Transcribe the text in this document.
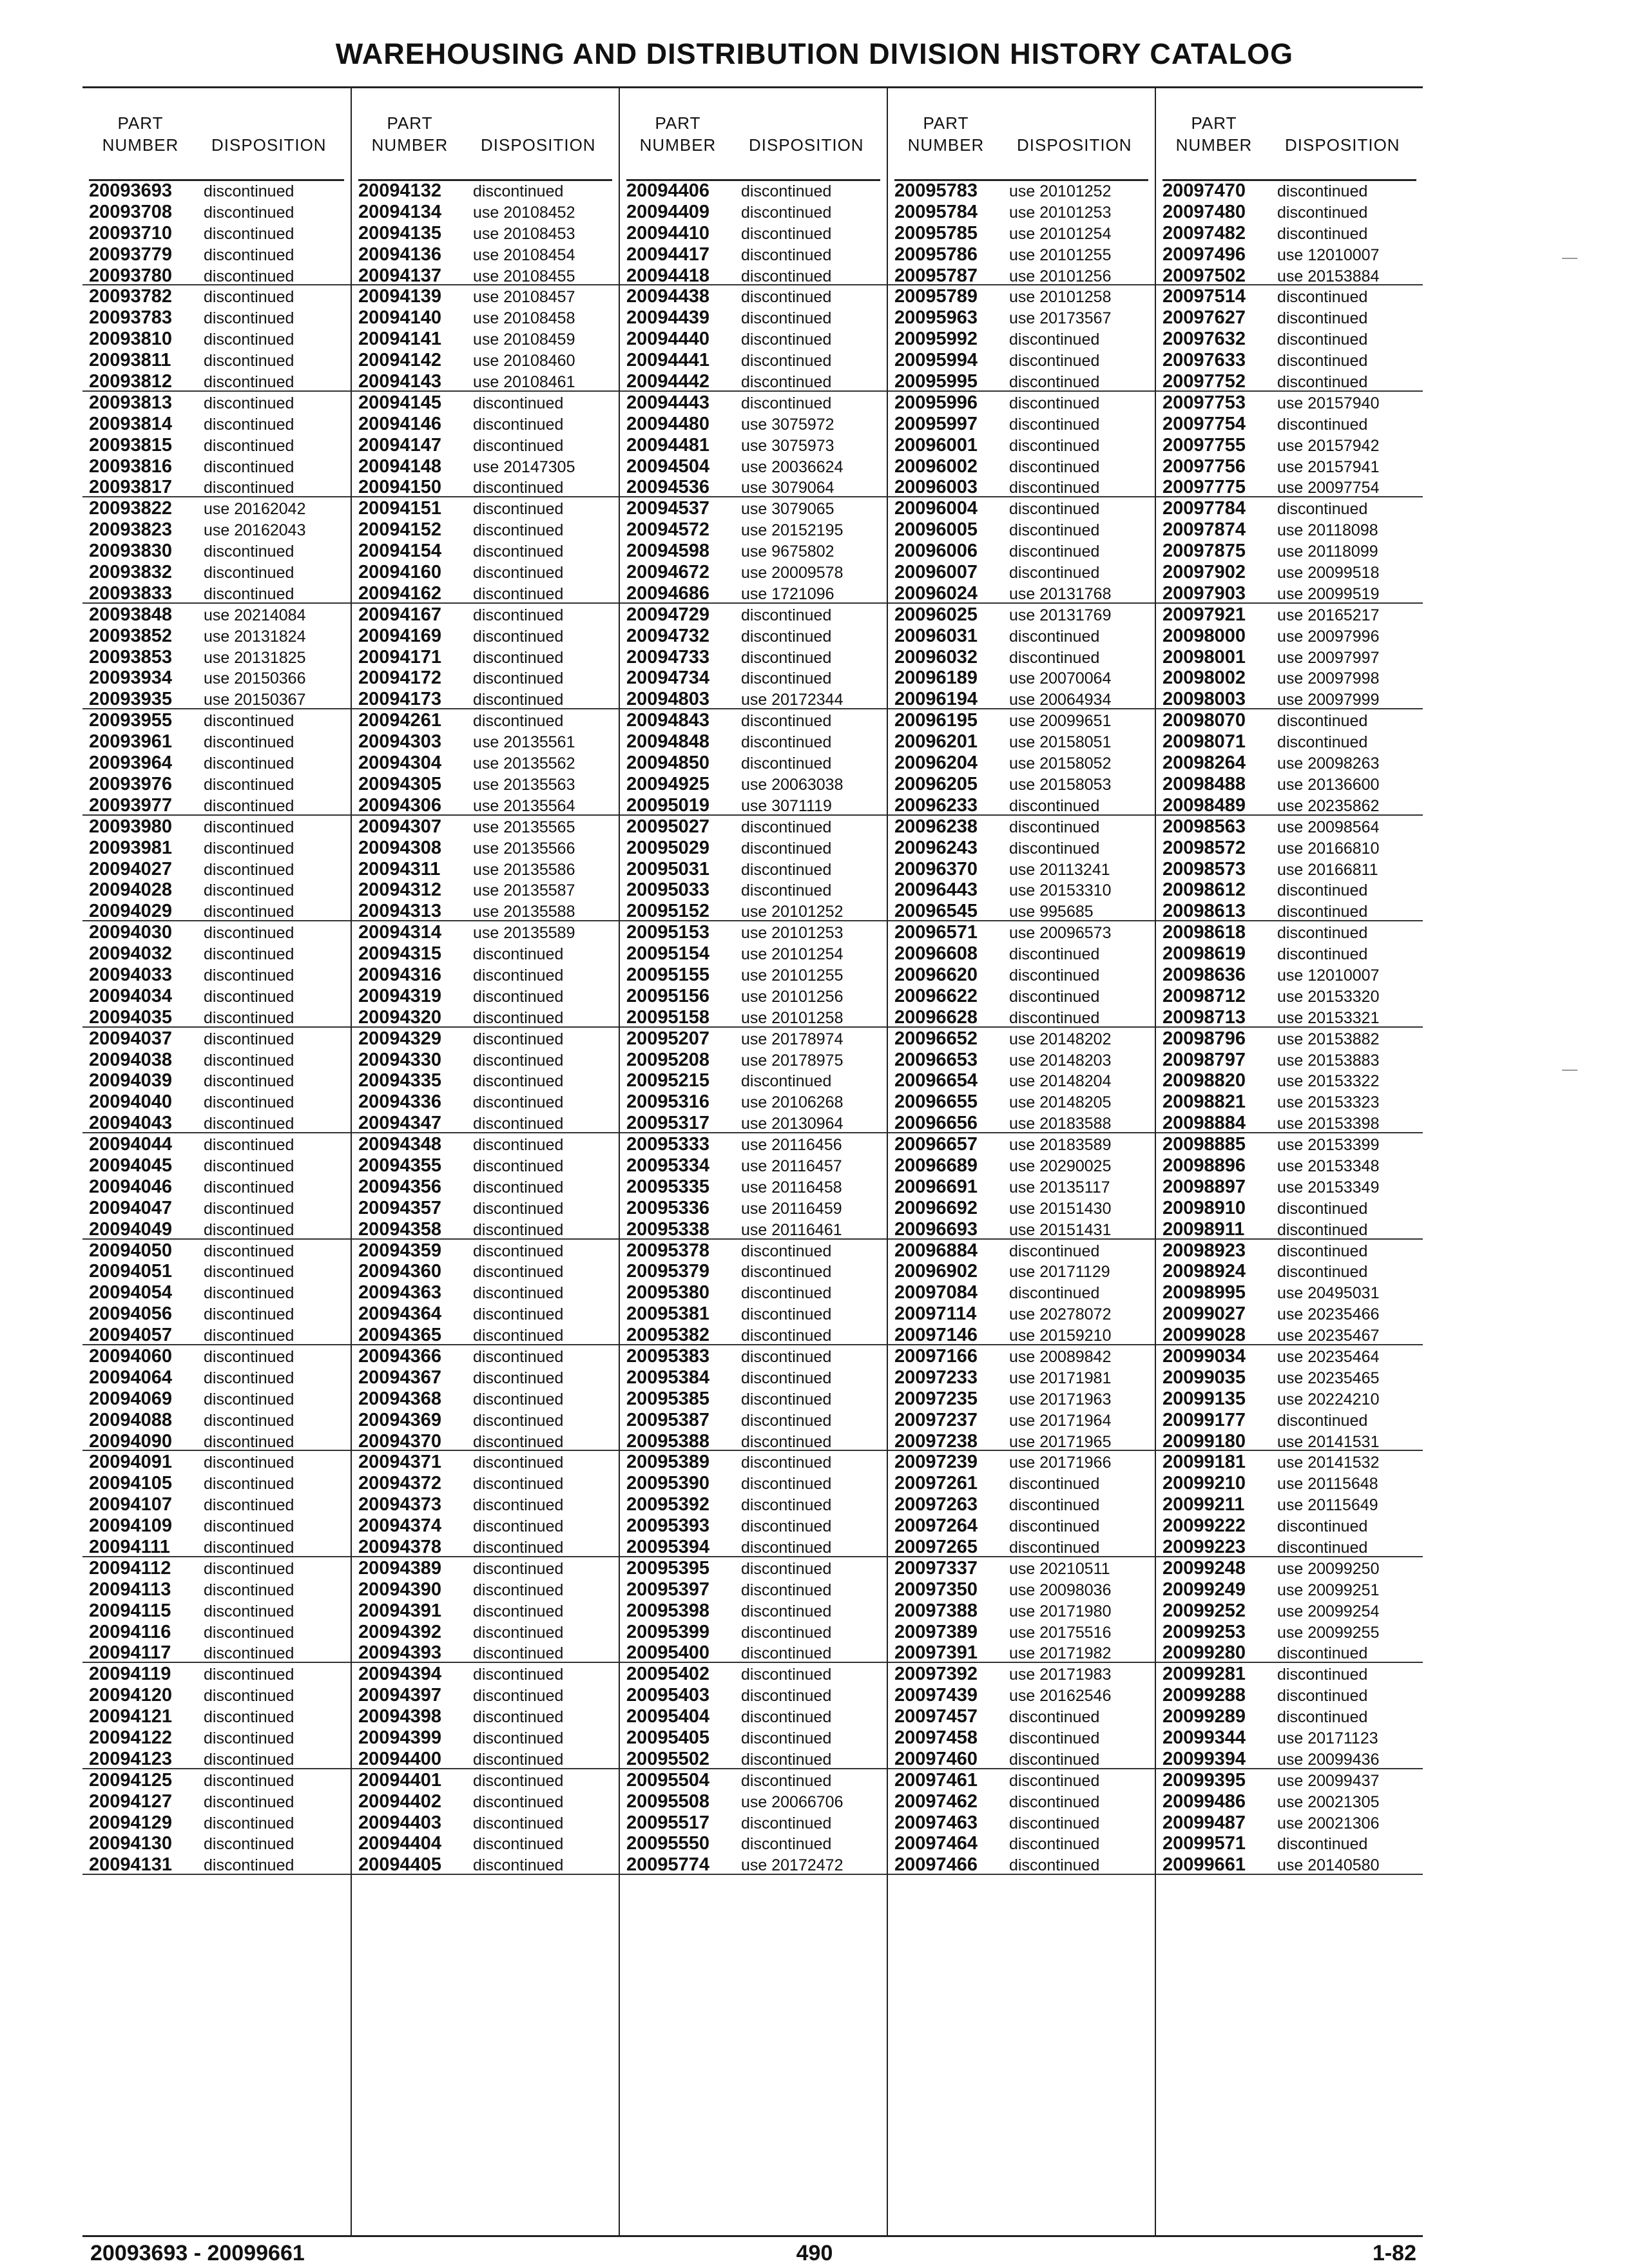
WAREHOUSING AND DISTRIBUTION DIVISION HISTORY CATALOG
PART
NUMBER	DISPOSITION
20093693 discontinued
20093708 discontinued
20093710 discontinued
20093779 discontinued
20093780 discontinued
20093782 discontinued
20093783 discontinued
20093810 discontinued
20093811 discontinued
20093812 discontinued
20093813 discontinued
20093814 discontinued
20093815 discontinued
20093816 discontinued
20093817 discontinued
20093822 use 20162042
20093823 use 20162043
20093830 discontinued
20093832 discontinued
20093833 discontinued
20093848 use 20214084
20093852 use 20131824
20093853 use 20131825
20093934 use 20150366
20093935 use 20150367
20093955 discontinued
20093961 discontinued
20093964 discontinued
20093976 discontinued
20093977 discontinued
20093980 discontinued
20093981 discontinued
20094027 discontinued
20094028 discontinued
20094029 discontinued
20094030 discontinued
20094032 discontinued
20094033 discontinued
20094034 discontinued
20094035 discontinued
20094037 discontinued
20094038 discontinued
20094039 discontinued
20094040 discontinued
20094043 discontinued
20094044 discontinued
20094045 discontinued
20094046 discontinued
20094047 discontinued
20094049 discontinued
20094050 discontinued
20094051 discontinued
20094054 discontinued
20094056 discontinued
20094057 discontinued
20094060 discontinued
20094064 discontinued
20094069 discontinued
20094088 discontinued
20094090 discontinued
20094091 discontinued
20094105 discontinued
20094107 discontinued
20094109 discontinued
20094111 discontinued
20094112 discontinued
20094113 discontinued
20094115 discontinued
20094116 discontinued
20094117 discontinued
20094119 discontinued
20094120 discontinued
20094121 discontinued
20094122 discontinued
20094123 discontinued
20094125 discontinued
20094127 discontinued
20094129 discontinued
20094130 discontinued
20094131 discontinued
PART
NUMBER	DISPOSITION
20094132 discontinued
20094134 use 20108452
20094135 use 20108453
20094136 use 20108454
20094137 use 20108455
20094139 use 20108457
20094140 use 20108458
20094141 use 20108459
20094142 use 20108460
20094143 use 20108461
20094145 discontinued
20094146 discontinued
20094147 discontinued
20094148 use 20147305
20094150 discontinued
20094151 discontinued
20094152 discontinued
20094154 discontinued
20094160 discontinued
20094162 discontinued
20094167 discontinued
20094169 discontinued
20094171 discontinued
20094172 discontinued
20094173 discontinued
20094261 discontinued
20094303 use 20135561
20094304 use 20135562
20094305 use 20135563
20094306 use 20135564
20094307 use 20135565
20094308 use 20135566
20094311 use 20135586
20094312 use 20135587
20094313 use 20135588
20094314 use 20135589
20094315 discontinued
20094316 discontinued
20094319 discontinued
20094320 discontinued
20094329 discontinued
20094330 discontinued
20094335 discontinued
20094336 discontinued
20094347 discontinued
20094348 discontinued
20094355 discontinued
20094356 discontinued
20094357 discontinued
20094358 discontinued
20094359 discontinued
20094360 discontinued
20094363 discontinued
20094364 discontinued
20094365 discontinued
20094366 discontinued
20094367 discontinued
20094368 discontinued
20094369 discontinued
20094370 discontinued
20094371 discontinued
20094372 discontinued
20094373 discontinued
20094374 discontinued
20094378 discontinued
20094389 discontinued
20094390 discontinued
20094391 discontinued
20094392 discontinued
20094393 discontinued
20094394 discontinued
20094397 discontinued
20094398 discontinued
20094399 discontinued
20094400 discontinued
20094401 discontinued
20094402 discontinued
20094403 discontinued
20094404 discontinued
20094405 discontinued
PART
NUMBER	DISPOSITION
20094406 discontinued
20094409 discontinued
20094410 discontinued
20094417 discontinued
20094418 discontinued
20094438 discontinued
20094439 discontinued
20094440 discontinued
20094441 discontinued
20094442 discontinued
20094443 discontinued
20094480 use 3075972
20094481 use 3075973
20094504 use 20036624
20094536 use 3079064
20094537 use 3079065
20094572 use 20152195
20094598 use 9675802
20094672 use 20009578
20094686 use 1721096
20094729 discontinued
20094732 discontinued
20094733 discontinued
20094734 discontinued
20094803 use 20172344
20094843 discontinued
20094848 discontinued
20094850 discontinued
20094925 use 20063038
20095019 use 3071119
20095027 discontinued
20095029 discontinued
20095031 discontinued
20095033 discontinued
20095152 use 20101252
20095153 use 20101253
20095154 use 20101254
20095155 use 20101255
20095156 use 20101256
20095158 use 20101258
20095207 use 20178974
20095208 use 20178975
20095215 discontinued
20095316 use 20106268
20095317 use 20130964
20095333 use 20116456
20095334 use 20116457
20095335 use 20116458
20095336 use 20116459
20095338 use 20116461
20095378 discontinued
20095379 discontinued
20095380 discontinued
20095381 discontinued
20095382 discontinued
20095383 discontinued
20095384 discontinued
20095385 discontinued
20095387 discontinued
20095388 discontinued
20095389 discontinued
20095390 discontinued
20095392 discontinued
20095393 discontinued
20095394 discontinued
20095395 discontinued
20095397 discontinued
20095398 discontinued
20095399 discontinued
20095400 discontinued
20095402 discontinued
20095403 discontinued
20095404 discontinued
20095405 discontinued
20095502 discontinued
20095504 discontinued
20095508 use 20066706
20095517 discontinued
20095550 discontinued
20095774 use 20172472
PART
NUMBER	DISPOSITION
20095783 use 20101252
20095784 use 20101253
20095785 use 20101254
20095786 use 20101255
20095787 use 20101256
20095789 use 20101258
20095963 use 20173567
20095992 discontinued
20095994 discontinued
20095995 discontinued
20095996 discontinued
20095997 discontinued
20096001 discontinued
20096002 discontinued
20096003 discontinued
20096004 discontinued
20096005 discontinued
20096006 discontinued
20096007 discontinued
20096024 use 20131768
20096025 use 20131769
20096031 discontinued
20096032 discontinued
20096189 use 20070064
20096194 use 20064934
20096195 use 20099651
20096201 use 20158051
20096204 use 20158052
20096205 use 20158053
20096233 discontinued
20096238 discontinued
20096243 discontinued
20096370 use 20113241
20096443 use 20153310
20096545 use 995685
20096571 use 20096573
20096608 discontinued
20096620 discontinued
20096622 discontinued
20096628 discontinued
20096652 use 20148202
20096653 use 20148203
20096654 use 20148204
20096655 use 20148205
20096656 use 20183588
20096657 use 20183589
20096689 use 20290025
20096691 use 20135117
20096692 use 20151430
20096693 use 20151431
20096884 discontinued
20096902 use 20171129
20097084 discontinued
20097114 use 20278072
20097146 use 20159210
20097166 use 20089842
20097233 use 20171981
20097235 use 20171963
20097237 use 20171964
20097238 use 20171965
20097239 use 20171966
20097261 discontinued
20097263 discontinued
20097264 discontinued
20097265 discontinued
20097337 use 20210511
20097350 use 20098036
20097388 use 20171980
20097389 use 20175516
20097391 use 20171982
20097392 use 20171983
20097439 use 20162546
20097457 discontinued
20097458 discontinued
20097460 discontinued
20097461 discontinued
20097462 discontinued
20097463 discontinued
20097464 discontinued
20097466 discontinued
PART
NUMBER	DISPOSITION
20097470 discontinued
20097480 discontinued
20097482 discontinued
20097496 use 12010007
20097502 use 20153884
20097514 discontinued
20097627 discontinued
20097632 discontinued
20097633 discontinued
20097752 discontinued
20097753 use 20157940
20097754 discontinued
20097755 use 20157942
20097756 use 20157941
20097775 use 20097754
20097784 discontinued
20097874 use 20118098
20097875 use 20118099
20097902 use 20099518
20097903 use 20099519
20097921 use 20165217
20098000 use 20097996
20098001 use 20097997
20098002 use 20097998
20098003 use 20097999
20098070 discontinued
20098071 discontinued
20098264 use 20098263
20098488 use 20136600
20098489 use 20235862
20098563 use 20098564
20098572 use 20166810
20098573 use 20166811
20098612 discontinued
20098613 discontinued
20098618 discontinued
20098619 discontinued
20098636 use 12010007
20098712 use 20153320
20098713 use 20153321
20098796 use 20153882
20098797 use 20153883
20098820 use 20153322
20098821 use 20153323
20098884 use 20153398
20098885 use 20153399
20098896 use 20153348
20098897 use 20153349
20098910 discontinued
20098911 discontinued
20098923 discontinued
20098924 discontinued
20098995 use 20495031
20099027 use 20235466
20099028 use 20235467
20099034 use 20235464
20099035 use 20235465
20099135 use 20224210
20099177 discontinued
20099180 use 20141531
20099181 use 20141532
20099210 use 20115648
20099211 use 20115649
20099222 discontinued
20099223 discontinued
20099248 use 20099250
20099249 use 20099251
20099252 use 20099254
20099253 use 20099255
20099280 discontinued
20099281 discontinued
20099288 discontinued
20099289 discontinued
20099344 use 20171123
20099394 use 20099436
20099395 use 20099437
20099486 use 20021305
20099487 use 20021306
20099571 discontinued
20099661 use 20140580
20093693 - 20099661	490	1-82
